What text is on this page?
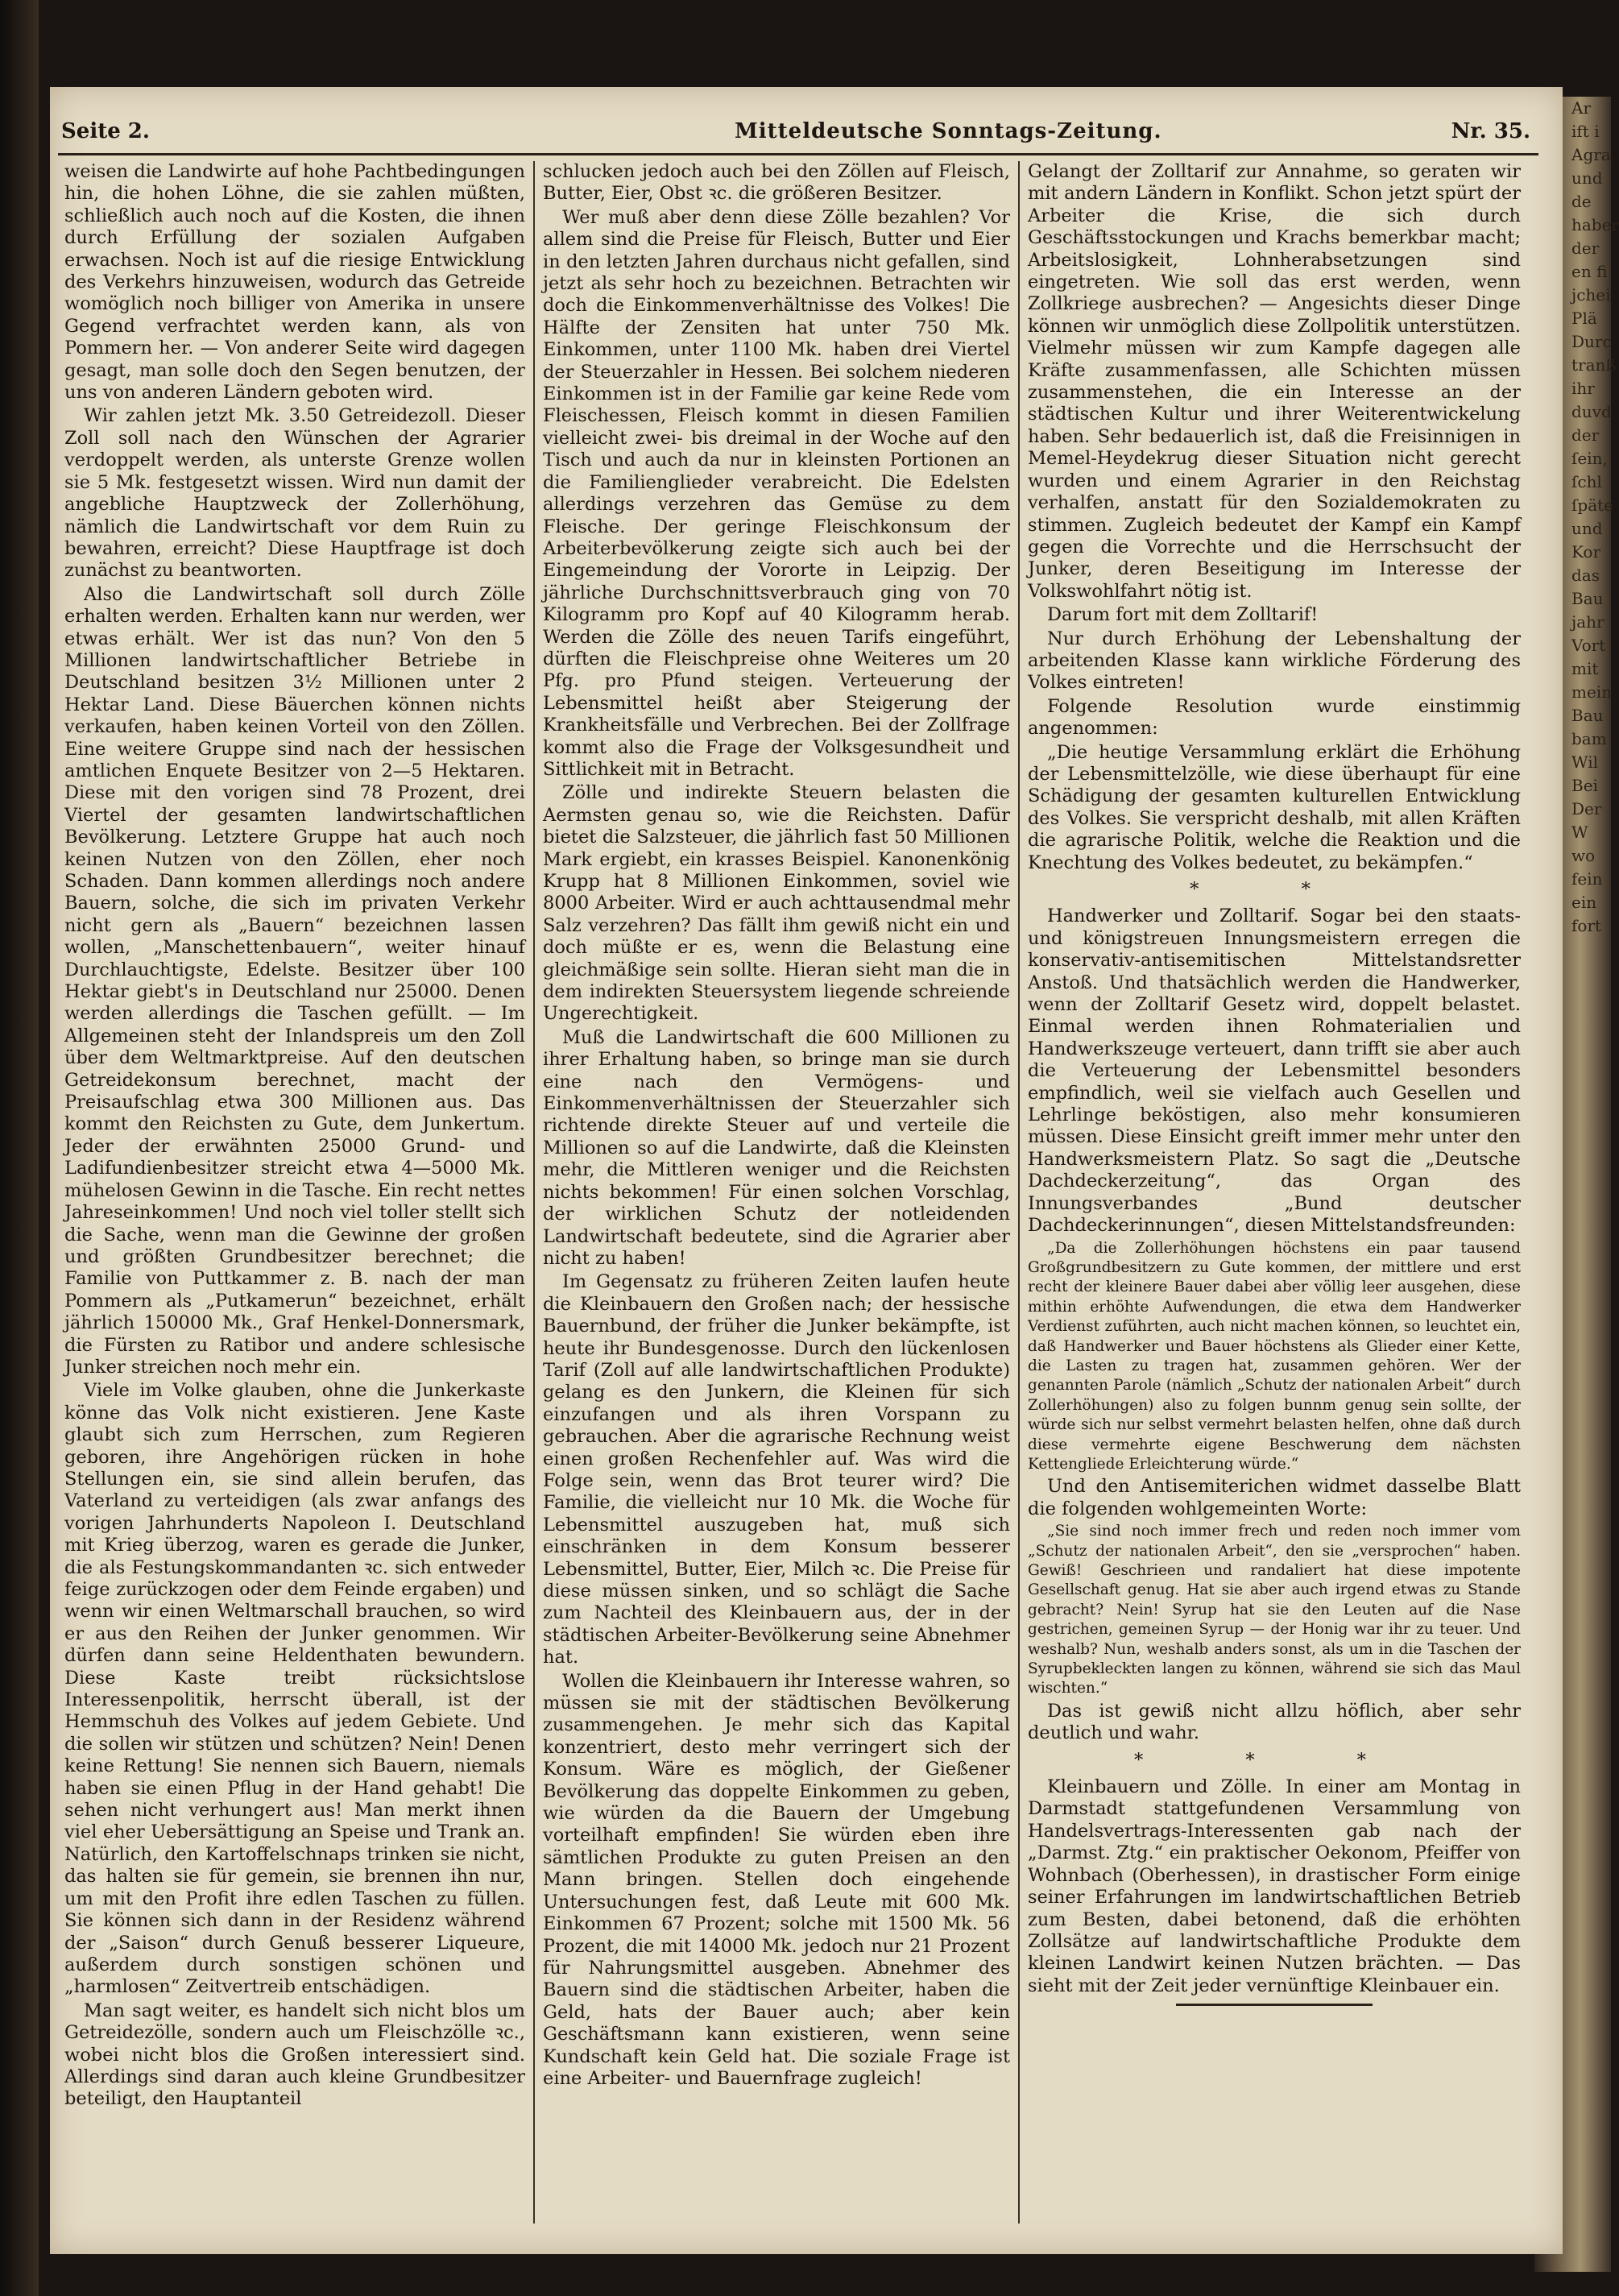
Ar
ift i
Agra
und
de
haber
der
en fi
jchei
Plä
Durc
tranß
ihr
duvd
der
ſein,
ſchl
ſpäte
und
Kor
das
Bau
jahr
Vort
mit
mein
Bau
bam
Wil
Bei
Der
W
wo
fein
ein
fort
Seite 2.	Mitteldeutsche Sonntags-Zeitung.	Nr. 35.

weisen die Landwirte auf hohe Pachtbedingungen hin, die hohen Löhne, die sie zahlen müßten, schließlich auch noch auf die Kosten, die ihnen durch Erfüllung der sozialen Aufgaben erwachsen. Noch ist auf die riesige Entwicklung des Verkehrs hinzuweisen, wodurch das Getreide womöglich noch billiger von Amerika in unsere Gegend verfrachtet werden kann, als von Pommern her. — Von anderer Seite wird dagegen gesagt, man solle doch den Segen benutzen, der uns von anderen Ländern geboten wird.

Wir zahlen jetzt Mk. 3.50 Getreidezoll. Dieser Zoll soll nach den Wünschen der Agrarier verdoppelt werden, als unterste Grenze wollen sie 5 Mk. festgesetzt wissen. Wird nun damit der angebliche Hauptzweck der Zollerhöhung, nämlich die Landwirtschaft vor dem Ruin zu bewahren, erreicht? Diese Hauptfrage ist doch zunächst zu beantworten.

Also die Landwirtschaft soll durch Zölle erhalten werden. Erhalten kann nur werden, wer etwas erhält. Wer ist das nun? Von den 5 Millionen landwirtschaftlicher Betriebe in Deutschland besitzen 3½ Millionen unter 2 Hektar Land. Diese Bäuerchen können nichts verkaufen, haben keinen Vorteil von den Zöllen. Eine weitere Gruppe sind nach der hessischen amtlichen Enquete Besitzer von 2—5 Hektaren. Diese mit den vorigen sind 78 Prozent, drei Viertel der gesamten landwirtschaftlichen Bevölkerung. Letztere Gruppe hat auch noch keinen Nutzen von den Zöllen, eher noch Schaden. Dann kommen allerdings noch andere Bauern, solche, die sich im privaten Verkehr nicht gern als „Bauern“ bezeichnen lassen wollen, „Manschettenbauern“, weiter hinauf Durchlauchtigste, Edelste. Besitzer über 100 Hektar giebt's in Deutschland nur 25000. Denen werden allerdings die Taschen gefüllt. — Im Allgemeinen steht der Inlandspreis um den Zoll über dem Weltmarktpreise. Auf den deutschen Getreidekonsum berechnet, macht der Preisaufschlag etwa 300 Millionen aus. Das kommt den Reichsten zu Gute, dem Junkertum. Jeder der erwähnten 25000 Grund- und Ladifundienbesitzer streicht etwa 4—5000 Mk. mühelosen Gewinn in die Tasche. Ein recht nettes Jahreseinkommen! Und noch viel toller stellt sich die Sache, wenn man die Gewinne der großen und größten Grundbesitzer berechnet; die Familie von Puttkammer z. B. nach der man Pommern als „Putkamerun“ bezeichnet, erhält jährlich 150000 Mk., Graf Henkel-Donnersmark, die Fürsten zu Ratibor und andere schlesische Junker streichen noch mehr ein.

Viele im Volke glauben, ohne die Junkerkaste könne das Volk nicht existieren. Jene Kaste glaubt sich zum Herrschen, zum Regieren geboren, ihre Angehörigen rücken in hohe Stellungen ein, sie sind allein berufen, das Vaterland zu verteidigen (als zwar anfangs des vorigen Jahrhunderts Napoleon I. Deutschland mit Krieg überzog, waren es gerade die Junker, die als Festungskommandanten ꝛc. sich entweder feige zurückzogen oder dem Feinde ergaben) und wenn wir einen Weltmarschall brauchen, so wird er aus den Reihen der Junker genommen. Wir dürfen dann seine Heldenthaten bewundern. Diese Kaste treibt rücksichtslose Interessenpolitik, herrscht überall, ist der Hemmschuh des Volkes auf jedem Gebiete. Und die sollen wir stützen und schützen? Nein! Denen keine Rettung! Sie nennen sich Bauern, niemals haben sie einen Pflug in der Hand gehabt! Die sehen nicht verhungert aus! Man merkt ihnen viel eher Uebersättigung an Speise und Trank an. Natürlich, den Kartoffelschnaps trinken sie nicht, das halten sie für gemein, sie brennen ihn nur, um mit den Profit ihre edlen Taschen zu füllen. Sie können sich dann in der Residenz während der „Saison“ durch Genuß besserer Liqueure, außerdem durch sonstigen schönen und „harmlosen“ Zeitvertreib entschädigen.

Man sagt weiter, es handelt sich nicht blos um Getreidezölle, sondern auch um Fleischzölle ꝛc., wobei nicht blos die Großen interessiert sind. Allerdings sind daran auch kleine Grundbesitzer beteiligt, den Hauptanteil

schlucken jedoch auch bei den Zöllen auf Fleisch, Butter, Eier, Obst ꝛc. die größeren Besitzer.

Wer muß aber denn diese Zölle bezahlen? Vor allem sind die Preise für Fleisch, Butter und Eier in den letzten Jahren durchaus nicht gefallen, sind jetzt als sehr hoch zu bezeichnen. Betrachten wir doch die Einkommenverhältnisse des Volkes! Die Hälfte der Zensiten hat unter 750 Mk. Einkommen, unter 1100 Mk. haben drei Viertel der Steuerzahler in Hessen. Bei solchem niederen Einkommen ist in der Familie gar keine Rede vom Fleischessen, Fleisch kommt in diesen Familien vielleicht zwei- bis dreimal in der Woche auf den Tisch und auch da nur in kleinsten Portionen an die Familienglieder verabreicht. Die Edelsten allerdings verzehren das Gemüse zu dem Fleische. Der geringe Fleischkonsum der Arbeiterbevölkerung zeigte sich auch bei der Eingemeindung der Vororte in Leipzig. Der jährliche Durchschnittsverbrauch ging von 70 Kilogramm pro Kopf auf 40 Kilogramm herab. Werden die Zölle des neuen Tarifs eingeführt, dürften die Fleischpreise ohne Weiteres um 20 Pfg. pro Pfund steigen. Verteuerung der Lebensmittel heißt aber Steigerung der Krankheitsfälle und Verbrechen. Bei der Zollfrage kommt also die Frage der Volksgesundheit und Sittlichkeit mit in Betracht.

Zölle und indirekte Steuern belasten die Aermsten genau so, wie die Reichsten. Dafür bietet die Salzsteuer, die jährlich fast 50 Millionen Mark ergiebt, ein krasses Beispiel. Kanonenkönig Krupp hat 8 Millionen Einkommen, soviel wie 8000 Arbeiter. Wird er auch achttausendmal mehr Salz verzehren? Das fällt ihm gewiß nicht ein und doch müßte er es, wenn die Belastung eine gleichmäßige sein sollte. Hieran sieht man die in dem indirekten Steuersystem liegende schreiende Ungerechtigkeit.

Muß die Landwirtschaft die 600 Millionen zu ihrer Erhaltung haben, so bringe man sie durch eine nach den Vermögens- und Einkommenverhältnissen der Steuerzahler sich richtende direkte Steuer auf und verteile die Millionen so auf die Landwirte, daß die Kleinsten mehr, die Mittleren weniger und die Reichsten nichts bekommen! Für einen solchen Vorschlag, der wirklichen Schutz der notleidenden Landwirtschaft bedeutete, sind die Agrarier aber nicht zu haben!

Im Gegensatz zu früheren Zeiten laufen heute die Kleinbauern den Großen nach; der hessische Bauernbund, der früher die Junker bekämpfte, ist heute ihr Bundesgenosse. Durch den lückenlosen Tarif (Zoll auf alle landwirtschaftlichen Produkte) gelang es den Junkern, die Kleinen für sich einzufangen und als ihren Vorspann zu gebrauchen. Aber die agrarische Rechnung weist einen großen Rechenfehler auf. Was wird die Folge sein, wenn das Brot teurer wird? Die Familie, die vielleicht nur 10 Mk. die Woche für Lebensmittel auszugeben hat, muß sich einschränken in dem Konsum besserer Lebensmittel, Butter, Eier, Milch ꝛc. Die Preise für diese müssen sinken, und so schlägt die Sache zum Nachteil des Kleinbauern aus, der in der städtischen Arbeiter-Bevölkerung seine Abnehmer hat.

Wollen die Kleinbauern ihr Interesse wahren, so müssen sie mit der städtischen Bevölkerung zusammengehen. Je mehr sich das Kapital konzentriert, desto mehr verringert sich der Konsum. Wäre es möglich, der Gießener Bevölkerung das doppelte Einkommen zu geben, wie würden da die Bauern der Umgebung vorteilhaft empfinden! Sie würden eben ihre sämtlichen Produkte zu guten Preisen an den Mann bringen. Stellen doch eingehende Untersuchungen fest, daß Leute mit 600 Mk. Einkommen 67 Prozent; solche mit 1500 Mk. 56 Prozent, die mit 14000 Mk. jedoch nur 21 Prozent für Nahrungsmittel ausgeben. Abnehmer des Bauern sind die städtischen Arbeiter, haben die Geld, hats der Bauer auch; aber kein Geschäftsmann kann existieren, wenn seine Kundschaft kein Geld hat. Die soziale Frage ist eine Arbeiter- und Bauernfrage zugleich!

Gelangt der Zolltarif zur Annahme, so geraten wir mit andern Ländern in Konflikt. Schon jetzt spürt der Arbeiter die Krise, die sich durch Geschäftsstockungen und Krachs bemerkbar macht; Arbeitslosigkeit, Lohnherabsetzungen sind eingetreten. Wie soll das erst werden, wenn Zollkriege ausbrechen? — Angesichts dieser Dinge können wir unmöglich diese Zollpolitik unterstützen. Vielmehr müssen wir zum Kampfe dagegen alle Kräfte zusammenfassen, alle Schichten müssen zusammenstehen, die ein Interesse an der städtischen Kultur und ihrer Weiterentwickelung haben. Sehr bedauerlich ist, daß die Freisinnigen in Memel-Heydekrug dieser Situation nicht gerecht wurden und einem Agrarier in den Reichstag verhalfen, anstatt für den Sozialdemokraten zu stimmen. Zugleich bedeutet der Kampf ein Kampf gegen die Vorrechte und die Herrschsucht der Junker, deren Beseitigung im Interesse der Volkswohlfahrt nötig ist.

Darum fort mit dem Zolltarif!

Nur durch Erhöhung der Lebenshaltung der arbeitenden Klasse kann wirkliche Förderung des Volkes eintreten!

Folgende Resolution wurde einstimmig angenommen:

„Die heutige Versammlung erklärt die Erhöhung der Lebensmittelzölle, wie diese überhaupt für eine Schädigung der gesamten kulturellen Entwicklung des Volkes. Sie verspricht deshalb, mit allen Kräften die agrarische Politik, welche die Reaktion und die Knechtung des Volkes bedeutet, zu bekämpfen.“

* *

Handwerker und Zolltarif. Sogar bei den staats- und königstreuen Innungsmeistern erregen die konservativ-antisemitischen Mittelstandsretter Anstoß. Und thatsächlich werden die Handwerker, wenn der Zolltarif Gesetz wird, doppelt belastet. Einmal werden ihnen Rohmaterialien und Handwerkszeuge verteuert, dann trifft sie aber auch die Verteuerung der Lebensmittel besonders empfindlich, weil sie vielfach auch Gesellen und Lehrlinge beköstigen, also mehr konsumieren müssen. Diese Einsicht greift immer mehr unter den Handwerksmeistern Platz. So sagt die „Deutsche Dachdeckerzeitung“, das Organ des Innungsverbandes „Bund deutscher Dachdeckerinnungen“, diesen Mittelstandsfreunden:

„Da die Zollerhöhungen höchstens ein paar tausend Großgrundbesitzern zu Gute kommen, der mittlere und erst recht der kleinere Bauer dabei aber völlig leer ausgehen, diese mithin erhöhte Aufwendungen, die etwa dem Handwerker Verdienst zuführten, auch nicht machen können, so leuchtet ein, daß Handwerker und Bauer höchstens als Glieder einer Kette, die Lasten zu tragen hat, zusammen gehören. Wer der genannten Parole (nämlich „Schutz der nationalen Arbeit“ durch Zollerhöhungen) also zu folgen bunnm genug sein sollte, der würde sich nur selbst vermehrt belasten helfen, ohne daß durch diese vermehrte eigene Beschwerung dem nächsten Kettengliede Erleichterung würde.“

Und den Antisemiterichen widmet dasselbe Blatt die folgenden wohlgemeinten Worte:

„Sie sind noch immer frech und reden noch immer vom „Schutz der nationalen Arbeit“, den sie „versprochen“ haben. Gewiß! Geschrieen und randaliert hat diese impotente Gesellschaft genug. Hat sie aber auch irgend etwas zu Stande gebracht? Nein! Syrup hat sie den Leuten auf die Nase gestrichen, gemeinen Syrup — der Honig war ihr zu teuer. Und weshalb? Nun, weshalb anders sonst, als um in die Taschen der Syrupbekleckten langen zu können, während sie sich das Maul wischten.“

Das ist gewiß nicht allzu höflich, aber sehr deutlich und wahr.

* * *

Kleinbauern und Zölle. In einer am Montag in Darmstadt stattgefundenen Versammlung von Handelsvertrags-Interessenten gab nach der „Darmst. Ztg.“ ein praktischer Oekonom, Pfeiffer von Wohnbach (Oberhessen), in drastischer Form einige seiner Erfahrungen im landwirtschaftlichen Betrieb zum Besten, dabei betonend, daß die erhöhten Zollsätze auf landwirtschaftliche Produkte dem kleinen Landwirt keinen Nutzen brächten. — Das sieht mit der Zeit jeder vernünftige Kleinbauer ein.
